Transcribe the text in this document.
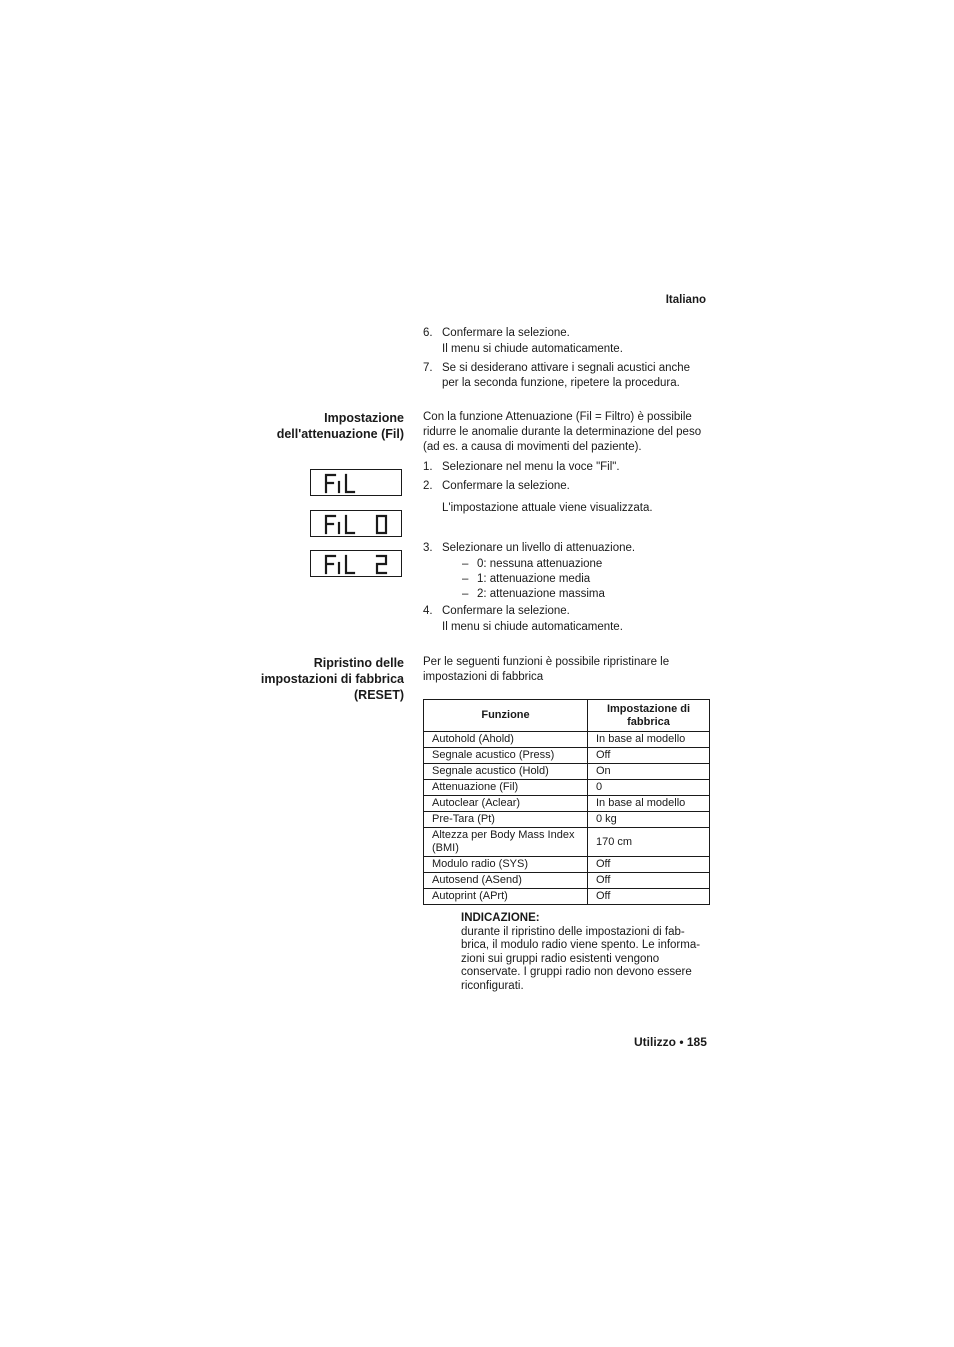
Italiano
6. Confermare la selezione.
Il menu si chiude automaticamente.
7. Se si desiderano attivare i segnali acustici anche
per la seconda funzione, ripetere la procedura.
Impostazione
dell'attenuazione (Fil)
Con la funzione Attenuazione (Fil = Filtro) è possibile
ridurre le anomalie durante la determinazione del peso
(ad es. a causa di movimenti del paziente).
1. Selezionare nel menu la voce "Fil".
2. Confermare la selezione.
L'impostazione attuale viene visualizzata.
3. Selezionare un livello di attenuazione.
– 0: nessuna attenuazione
– 1: attenuazione media
– 2: attenuazione massima
4. Confermare la selezione.
Il menu si chiude automaticamente.
Ripristino delle
impostazioni di fabbrica
(RESET)
Per le seguenti funzioni è possibile ripristinare le
impostazioni di fabbrica
Funzione	Impostazione di fabbrica
Autohold (Ahold)	In base al modello
Segnale acustico (Press)	Off
Segnale acustico (Hold)	On
Attenuazione (Fil)	0
Autoclear (Aclear)	In base al modello
Pre-Tara (Pt)	0 kg
Altezza per Body Mass Index (BMI)	170 cm
Modulo radio (SYS)	Off
Autosend (ASend)	Off
Autoprint (APrt)	Off
INDICAZIONE:
durante il ripristino delle impostazioni di fab-
brica, il modulo radio viene spento. Le informa-
zioni sui gruppi radio esistenti vengono
conservate. I gruppi radio non devono essere
riconfigurati.
Utilizzo • 185
